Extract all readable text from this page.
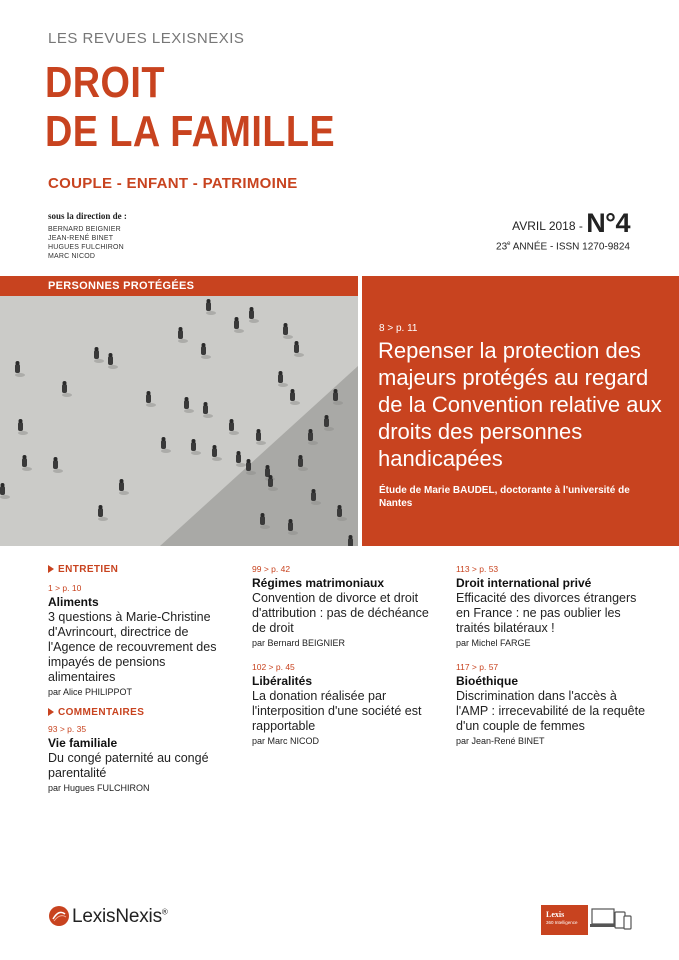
LES REVUES LEXISNEXIS
DROIT
DE LA FAMILLE
COUPLE - ENFANT - PATRIMOINE
sous la direction de :
BERNARD BEIGNIER
JEAN-RENÉ BINET
HUGUES FULCHIRON
MARC NICOD
AVRIL 2018 - N°4
23e ANNÉE - ISSN 1270-9824
PERSONNES PROTÉGÉES
8 > p. 11
Repenser la protection des majeurs protégés au regard de la Convention relative aux droits des personnes handicapées
Étude de Marie BAUDEL, doctorante à l'université de Nantes
ENTRETIEN
1 > p. 10
Aliments
3 questions à Marie-Christine d'Avrincourt, directrice de l'Agence de recouvrement des impayés de pensions alimentaires
par Alice PHILIPPOT
COMMENTAIRES
93 > p. 35
Vie familiale
Du congé paternité au congé parentalité
par Hugues FULCHIRON
99 > p. 42
Régimes matrimoniaux
Convention de divorce et droit d'attribution : pas de déchéance de droit
par Bernard BEIGNIER
102 > p. 45
Libéralités
La donation réalisée par l'interposition d'une société est rapportable
par Marc NICOD
113 > p. 53
Droit international privé
Efficacité des divorces étrangers en France : ne pas oublier les traités bilatéraux !
par Michel FARGE
117 > p. 57
Bioéthique
Discrimination dans l'accès à l'AMP : irrecevabilité de la requête d'un couple de femmes
par Jean-René BINET
LexisNexis®	Lexis
360 Intelligence
